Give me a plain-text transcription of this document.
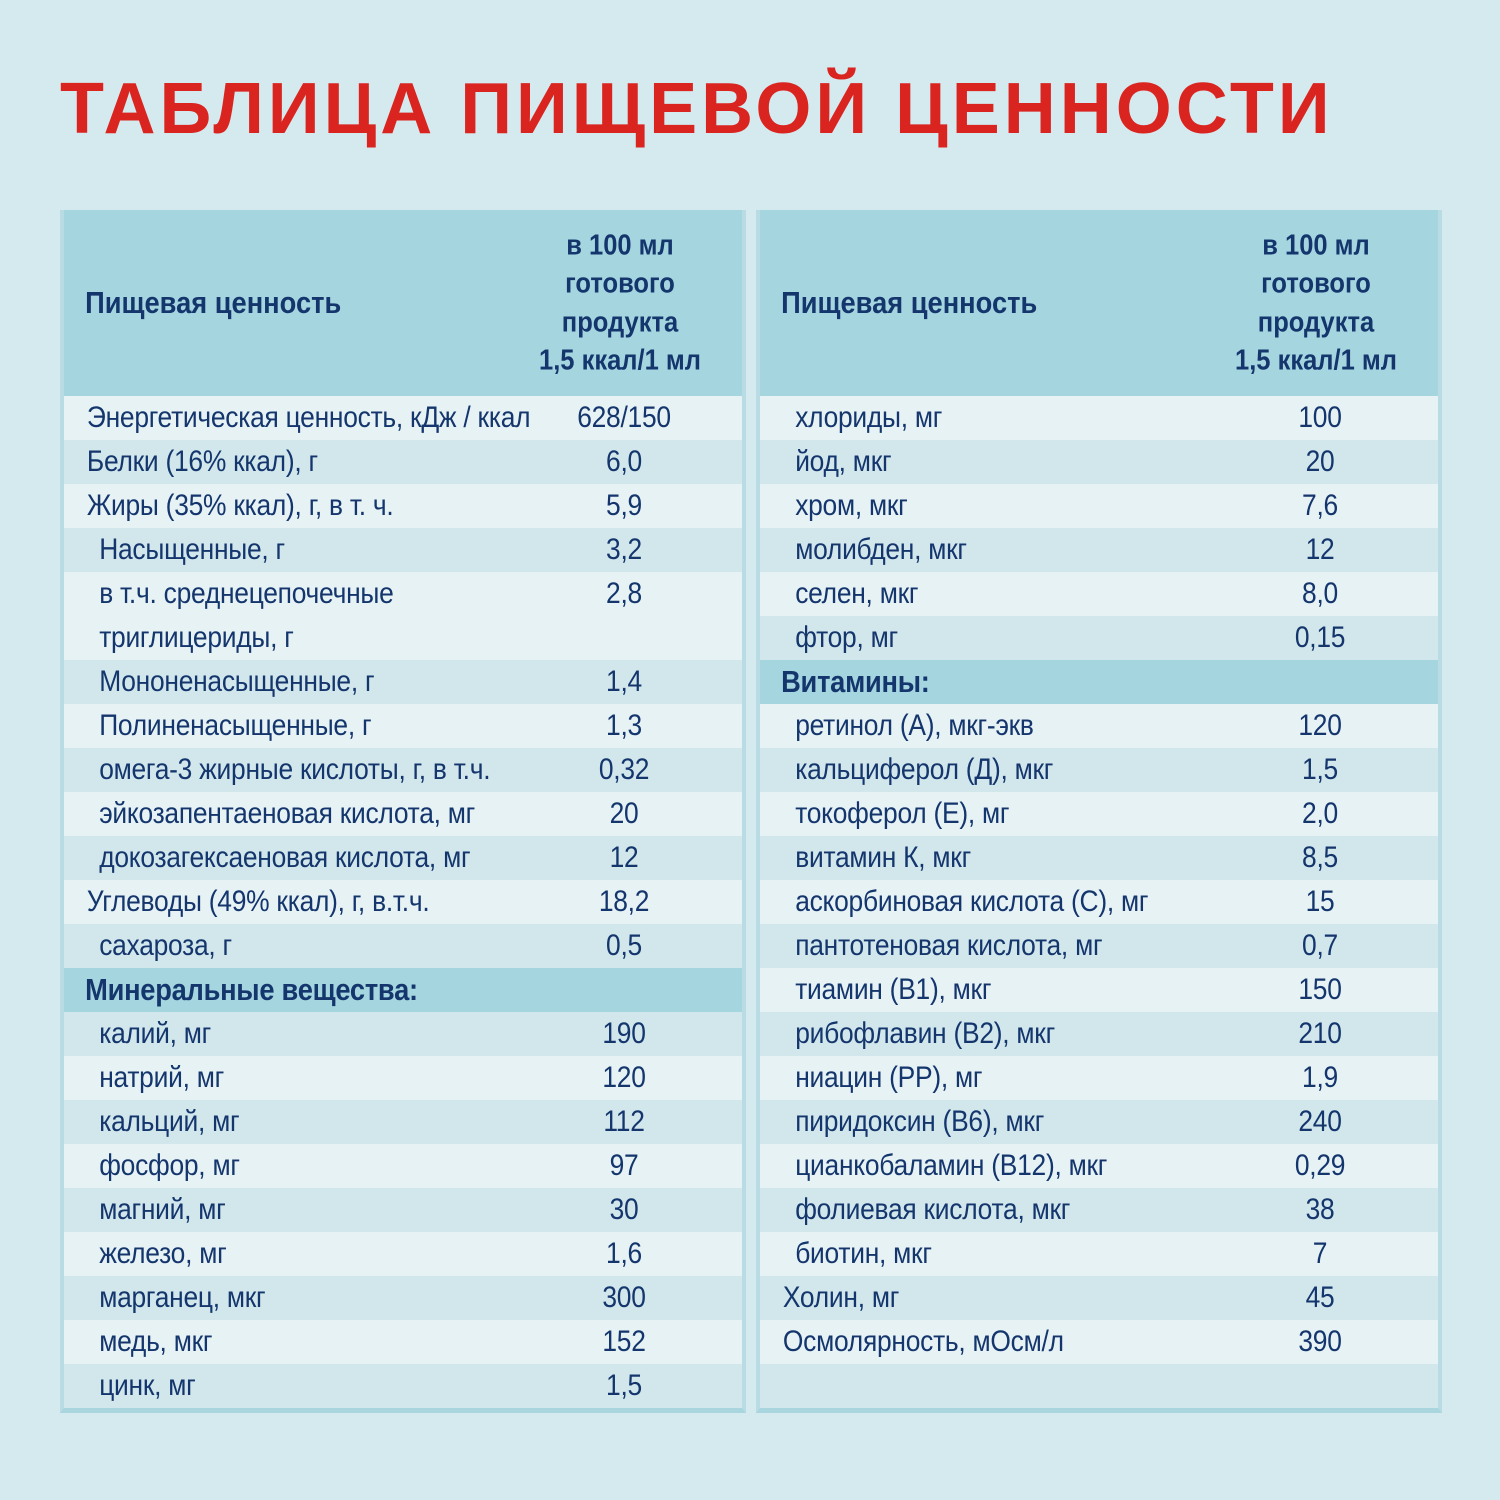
ТАБЛИЦА ПИЩЕВОЙ ЦЕННОСТИ
Пищевая ценность
в 100 мл
готового
продукта
1,5 ккал/1 мл
Энергетическая ценность, кДж / ккал	628/150
Белки (16% ккал), г	6,0
Жиры (35% ккал), г, в т. ч.	5,9
Насыщенные, г	3,2
в т.ч. среднецепочечные
триглицериды, г
2,8
Мононенасыщенные, г	1,4
Полиненасыщенные, г	1,3
омега-3 жирные кислоты, г, в т.ч.	0,32
эйкозапентаеновая кислота, мг	20
докозагексаеновая кислота, мг	12
Углеводы (49% ккал), г, в.т.ч.	18,2
сахароза, г	0,5
Минеральные вещества:
калий, мг	190
натрий, мг	120
кальций, мг	112
фосфор, мг	97
магний, мг	30
железо, мг	1,6
марганец, мкг	300
медь, мкг	152
цинк, мг	1,5
Пищевая ценность
в 100 мл
готового
продукта
1,5 ккал/1 мл
хлориды, мг	100
йод, мкг	20
хром, мкг	7,6
молибден, мкг	12
селен, мкг	8,0
фтор, мг	0,15
Витамины:
ретинол (А), мкг-экв	120
кальциферол (Д), мкг	1,5
токоферол (Е), мг	2,0
витамин К, мкг	8,5
аскорбиновая кислота (С), мг	15
пантотеновая кислота, мг	0,7
тиамин (В1), мкг	150
рибофлавин (В2), мкг	210
ниацин (РР), мг	1,9
пиридоксин (В6), мкг	240
цианкобаламин (В12), мкг	0,29
фолиевая кислота, мкг	38
биотин, мкг	7
Холин, мг	45
Осмолярность, мОсм/л	390
